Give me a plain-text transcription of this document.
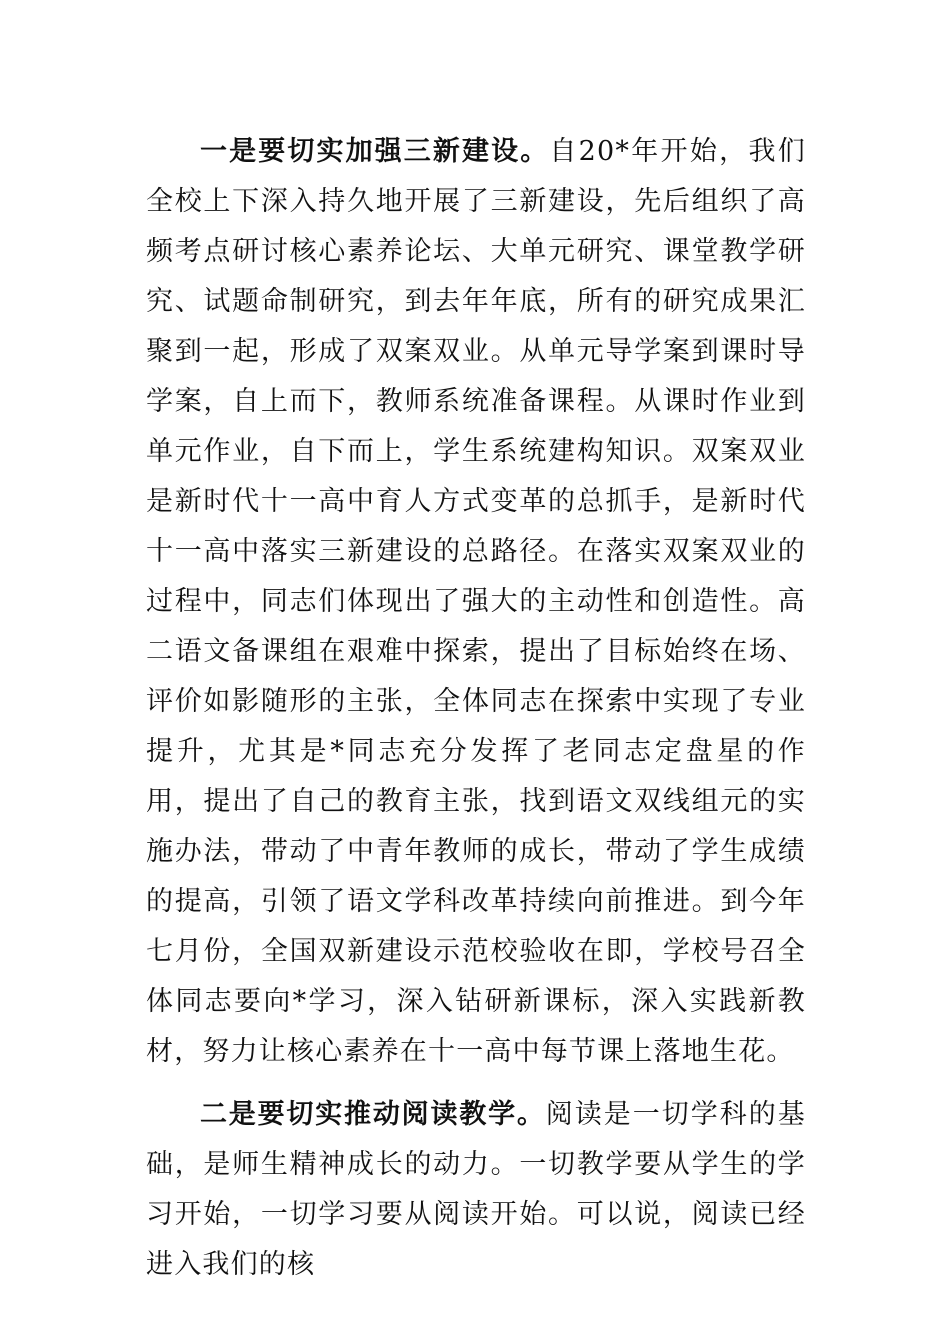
一是要切实加强三新建设。自20*年开始，我们全校上下深入持久地开展了三新建设，先后组织了高频考点研讨核心素养论坛、大单元研究、课堂教学研究、试题命制研究，到去年年底，所有的研究成果汇聚到一起，形成了双案双业。从单元导学案到课时导学案，自上而下，教师系统准备课程。从课时作业到单元作业，自下而上，学生系统建构知识。双案双业是新时代十一高中育人方式变革的总抓手，是新时代十一高中落实三新建设的总路径。在落实双案双业的过程中，同志们体现出了强大的主动性和创造性。高二语文备课组在艰难中探索，提出了目标始终在场、评价如影随形的主张，全体同志在探索中实现了专业提升，尤其是*同志充分发挥了老同志定盘星的作用，提出了自己的教育主张，找到语文双线组元的实施办法，带动了中青年教师的成长，带动了学生成绩的提高，引领了语文学科改革持续向前推进。到今年七月份，全国双新建设示范校验收在即，学校号召全体同志要向*学习，深入钻研新课标，深入实践新教材，努力让核心素养在十一高中每节课上落地生花。

二是要切实推动阅读教学。阅读是一切学科的基础，是师生精神成长的动力。一切教学要从学生的学习开始，一切学习要从阅读开始。可以说，阅读已经进入我们的核
